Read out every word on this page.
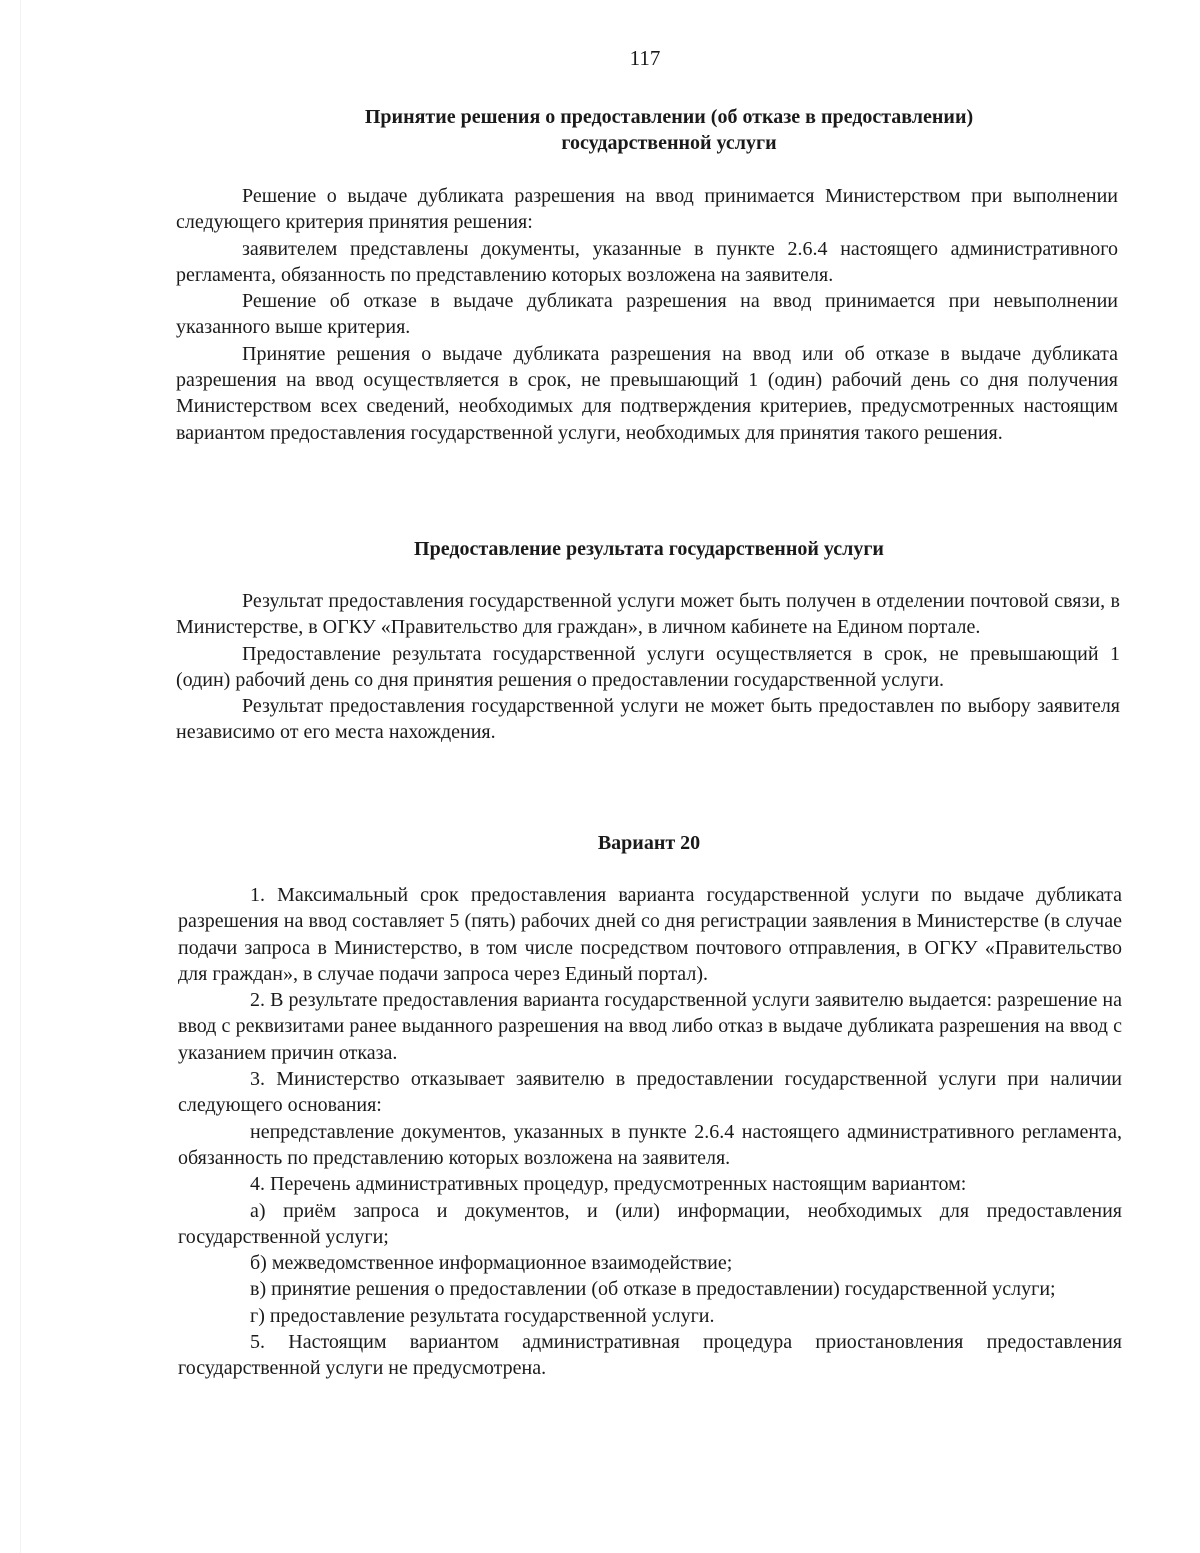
117

Принятие решения о предоставлении (об отказе в предоставлении)

государственной услуги

Решение о выдаче дубликата разрешения на ввод принимается Министерством при выполнении следующего критерия принятия решения:

заявителем представлены документы, указанные в пункте 2.6.4 настоящего административного регламента, обязанность по представлению которых возложена на заявителя.

Решение об отказе в выдаче дубликата разрешения на ввод принимается при невыполнении указанного выше критерия.

Принятие решения о выдаче дубликата разрешения на ввод или об отказе в выдаче дубликата разрешения на ввод осуществляется в срок, не превышающий 1 (один) рабочий день со дня получения Министерством всех сведений, необходимых для подтверждения критериев, предусмотренных настоящим вариантом предоставления государственной услуги, необходимых для принятия такого решения.

Предоставление результата государственной услуги

Результат предоставления государственной услуги может быть получен в отделении почтовой связи, в Министерстве, в ОГКУ «Правительство для граждан», в личном кабинете на Едином портале.

Предоставление результата государственной услуги осуществляется в срок, не превышающий 1 (один) рабочий день со дня принятия решения о предоставлении государственной услуги.

Результат предоставления государственной услуги не может быть предоставлен по выбору заявителя независимо от его места нахождения.

Вариант 20

1. Максимальный срок предоставления варианта государственной услуги по выдаче дубликата разрешения на ввод составляет 5 (пять) рабочих дней со дня регистрации заявления в Министерстве (в случае подачи запроса в Министерство, в том числе посредством почтового отправления, в ОГКУ «Правительство для граждан», в случае подачи запроса через Единый портал).

2. В результате предоставления варианта государственной услуги заявителю выдается: разрешение на ввод с реквизитами ранее выданного разрешения на ввод либо отказ в выдаче дубликата разрешения на ввод с указанием причин отказа.

3. Министерство отказывает заявителю в предоставлении государственной услуги при наличии следующего основания:

непредставление документов, указанных в пункте 2.6.4 настоящего административного регламента, обязанность по представлению которых возложена на заявителя.

4. Перечень административных процедур, предусмотренных настоящим вариантом:

а) приём запроса и документов, и (или) информации, необходимых для предоставления государственной услуги;

б) межведомственное информационное взаимодействие;

в) принятие решения о предоставлении (об отказе в предоставлении) государственной услуги;

г) предоставление результата государственной услуги.

5. Настоящим вариантом административная процедура приостановления предоставления государственной услуги не предусмотрена.
